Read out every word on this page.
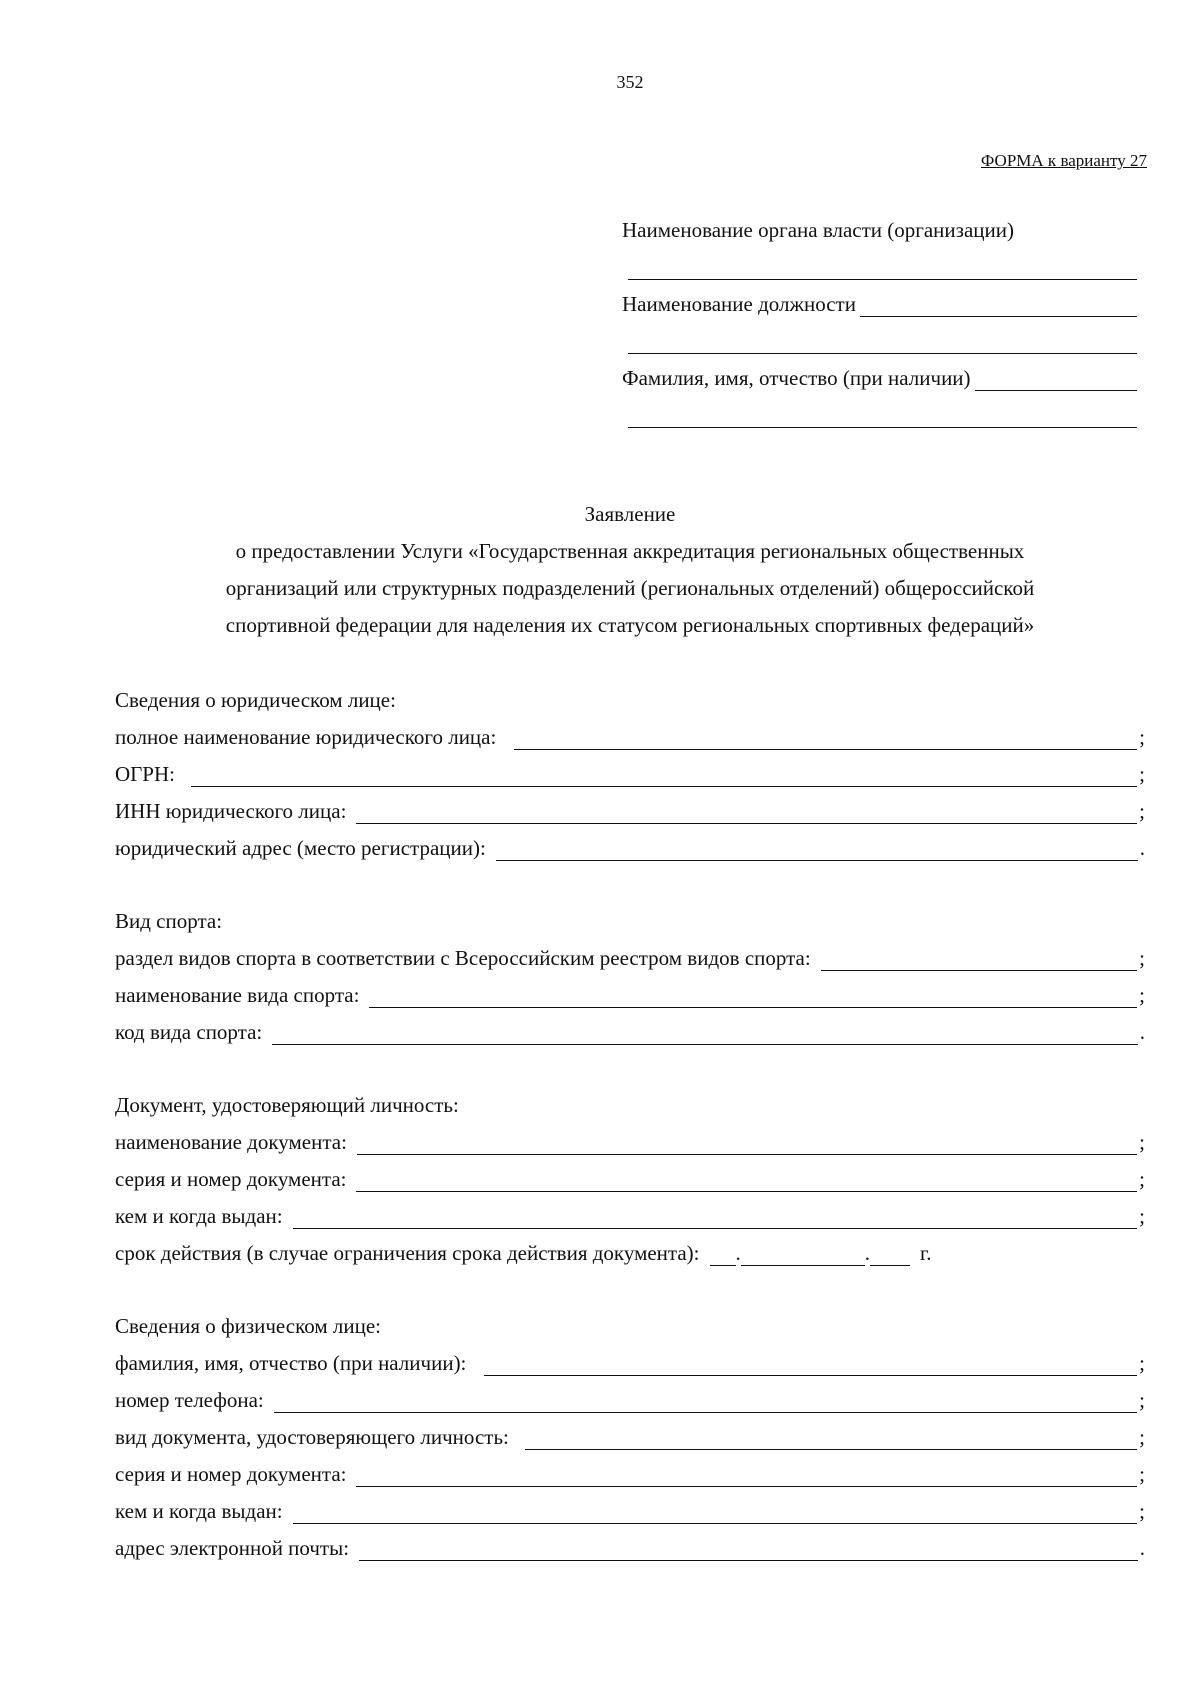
352
ФОРМА к варианту 27
Наименование органа власти (организации)
Наименование должности
Фамилия, имя, отчество (при наличии)
Заявление
о предоставлении Услуги «Государственная аккредитация региональных общественных
организаций или структурных подразделений (региональных отделений) общероссийской
спортивной федерации для наделения их статусом региональных спортивных федераций»
Сведения о юридическом лице:
полное наименование юридического лица:	;
ОГРН:	;
ИНН юридического лица:	;
юридический адрес (место регистрации):	.
Вид спорта:
раздел видов спорта в соответствии с Всероссийским реестром видов спорта:	;
наименование вида спорта:	;
код вида спорта:	.
Документ, удостоверяющий личность:
наименование документа:	;
серия и номер документа:	;
кем и когда выдан:	;
срок действия (в случае ограничения срока действия документа): .	. г.
Сведения о физическом лице:
фамилия, имя, отчество (при наличии):	;
номер телефона:	;
вид документа, удостоверяющего личность:	;
серия и номер документа:	;
кем и когда выдан:	;
адрес электронной почты:	.
